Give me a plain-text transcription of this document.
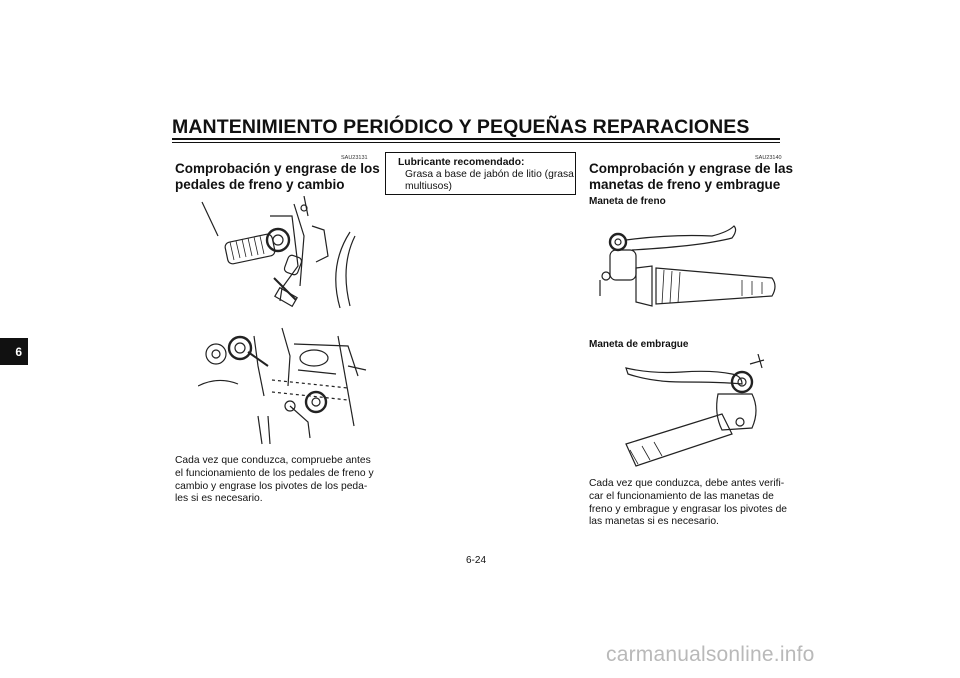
MANTENIMIENTO PERIÓDICO Y PEQUEÑAS REPARACIONES
6
SAU23131
Comprobación y engrase de los
pedales de freno y cambio
Cada vez que conduzca, compruebe antes
el funcionamiento de los pedales de freno y
cambio y engrase los pivotes de los peda-
les si es necesario.
Lubricante recomendado:
Grasa a base de jabón de litio (grasa
multiusos)
SAU23140
Comprobación y engrase de las
manetas de freno y embrague
Maneta de freno
Maneta de embrague
Cada vez que conduzca, debe antes verifi-
car el funcionamiento de las manetas de
freno y embrague y engrasar los pivotes de
las manetas si es necesario.
6-24
carmanualsonline.info
